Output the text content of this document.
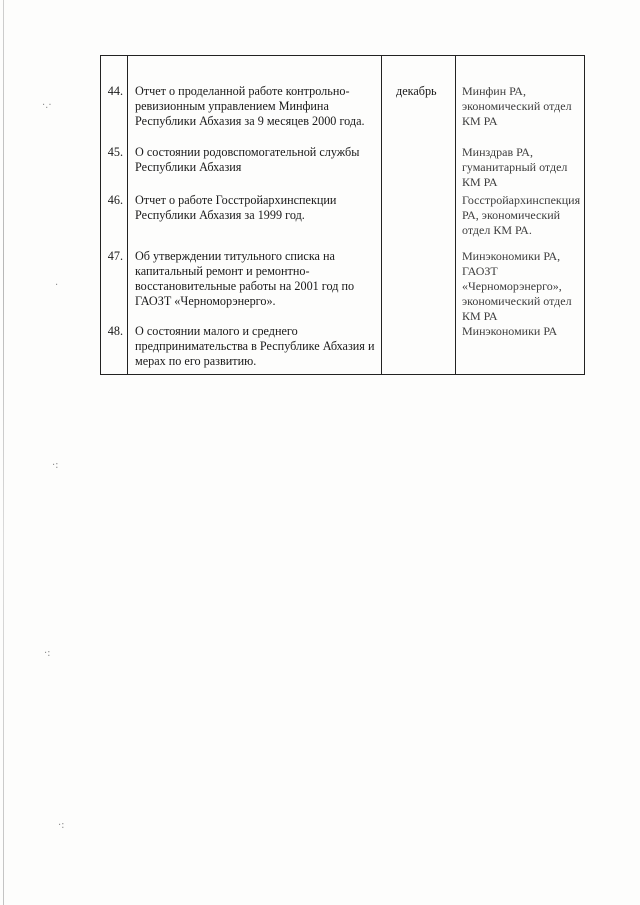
·.·
·
·:
·:
·:
44.	Отчет о проделанной работе контрольно-ревизионным управлением Минфина Республики Абхазия за 9 месяцев 2000 года.	декабрь	Минфин РА, экономический отдел КМ РА

45.	О состоянии родовспомогательной службы Республики Абхазия		Минздрав РА, гуманитарный отдел КМ РА

46.	Отчет о работе Госстройархинспекции Республики Абхазия за 1999 год.		Госстройархинспекция РА, экономический отдел КМ РА.

47.	Об утверждении титульного списка на капитальный ремонт и ремонтно-восстановительные работы на 2001 год по ГАОЗТ «Черноморэнерго».		Минэкономики РА, ГАОЗТ «Черноморэнерго», экономический отдел КМ РА

48.	О состоянии малого и среднего предпринимательства в Республике Абхазия и мерах по его развитию.		Минэкономики РА
